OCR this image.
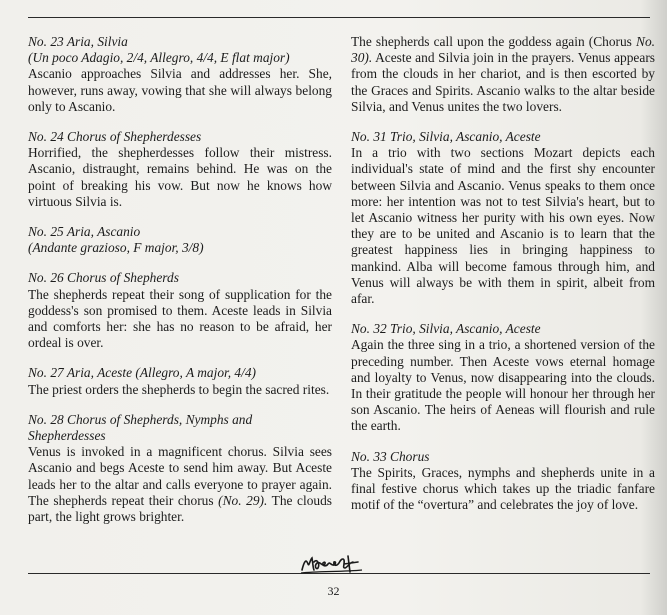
No. 23 Aria, Silvia
(Un poco Adagio, 2/4, Allegro, 4/4, E flat major)
Ascanio approaches Silvia and addresses her. She, however, runs away, vowing that she will always belong only to Ascanio.
No. 24 Chorus of Shepherdesses
Horrified, the shepherdesses follow their mistress. Ascanio, distraught, remains behind. He was on the point of breaking his vow. But now he knows how virtuous Silvia is.
No. 25 Aria, Ascanio
(Andante grazioso, F major, 3/8)
No. 26 Chorus of Shepherds
The shepherds repeat their song of supplication for the goddess's son promised to them. Aceste leads in Silvia and comforts her: she has no reason to be afraid, her ordeal is over.
No. 27 Aria, Aceste (Allegro, A major, 4/4)
The priest orders the shepherds to begin the sacred rites.
No. 28 Chorus of Shepherds, Nymphs and Shepherdesses
Venus is invoked in a magnificent chorus. Silvia sees Ascanio and begs Aceste to send him away. But Aceste leads her to the altar and calls everyone to prayer again. The shepherds repeat their chorus (No. 29). The clouds part, the light grows brighter.
The shepherds call upon the goddess again (Chorus No. 30). Aceste and Silvia join in the prayers. Venus appears from the clouds in her chariot, and is then escorted by the Graces and Spirits. Ascanio walks to the altar beside Silvia, and Venus unites the two lovers.
No. 31 Trio, Silvia, Ascanio, Aceste
In a trio with two sections Mozart depicts each individual's state of mind and the first shy encounter between Silvia and Ascanio. Venus speaks to them once more: her intention was not to test Silvia's heart, but to let Ascanio witness her purity with his own eyes. Now they are to be united and Ascanio is to learn that the greatest happiness lies in bringing happiness to mankind. Alba will become famous through him, and Venus will always be with them in spirit, albeit from afar.
No. 32 Trio, Silvia, Ascanio, Aceste
Again the three sing in a trio, a shortened version of the preceding number. Then Aceste vows eternal homage and loyalty to Venus, now disappearing into the clouds. In their gratitude the people will honour her through her son Ascanio. The heirs of Aeneas will flourish and rule the earth.
No. 33 Chorus
The Spirits, Graces, nymphs and shepherds unite in a final festive chorus which takes up the triadic fanfare motif of the “overtura” and celebrates the joy of love.
32
